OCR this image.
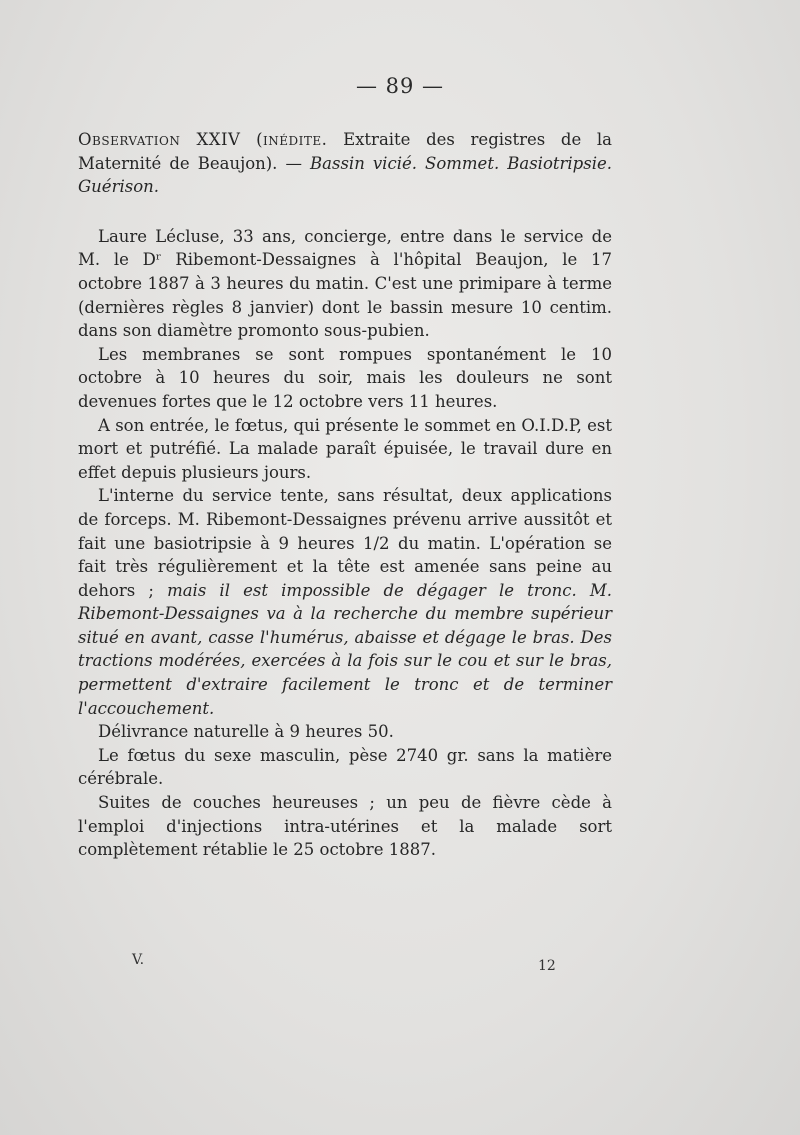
— 89 —

Observation XXIV (inédite. Extraite des registres de la Maternité de Beaujon). — Bassin vicié. Sommet. Basiotripsie. Guérison.

Laure Lécluse, 33 ans, concierge, entre dans le service de M. le Dʳ Ribemont-Dessaignes à l'hôpital Beaujon, le 17 octobre 1887 à 3 heures du matin. C'est une primipare à terme (dernières règles 8 janvier) dont le bassin mesure 10 centim. dans son diamètre promonto sous-pubien.

Les membranes se sont rompues spontanément le 10 octobre à 10 heures du soir, mais les douleurs ne sont devenues fortes que le 12 octobre vers 11 heures.

A son entrée, le fœtus, qui présente le sommet en O.I.D.P, est mort et putréfié. La malade paraît épuisée, le travail dure en effet depuis plusieurs jours.

L'interne du service tente, sans résultat, deux applications de forceps. M. Ribemont-Dessaignes prévenu arrive aussitôt et fait une basiotripsie à 9 heures 1/2 du matin. L'opération se fait très régulièrement et la tête est amenée sans peine au dehors ; mais il est impossible de dégager le tronc. M. Ribemont-Dessaignes va à la recherche du membre supérieur situé en avant, casse l'humérus, abaisse et dégage le bras. Des tractions modérées, exercées à la fois sur le cou et sur le bras, permettent d'extraire facilement le tronc et de terminer l'accouchement.

Délivrance naturelle à 9 heures 50.

Le fœtus du sexe masculin, pèse 2740 gr. sans la matière cérébrale.

Suites de couches heureuses ; un peu de fièvre cède à l'emploi d'injections intra-utérines et la malade sort complètement rétablie le 25 octobre 1887.

V.	12
